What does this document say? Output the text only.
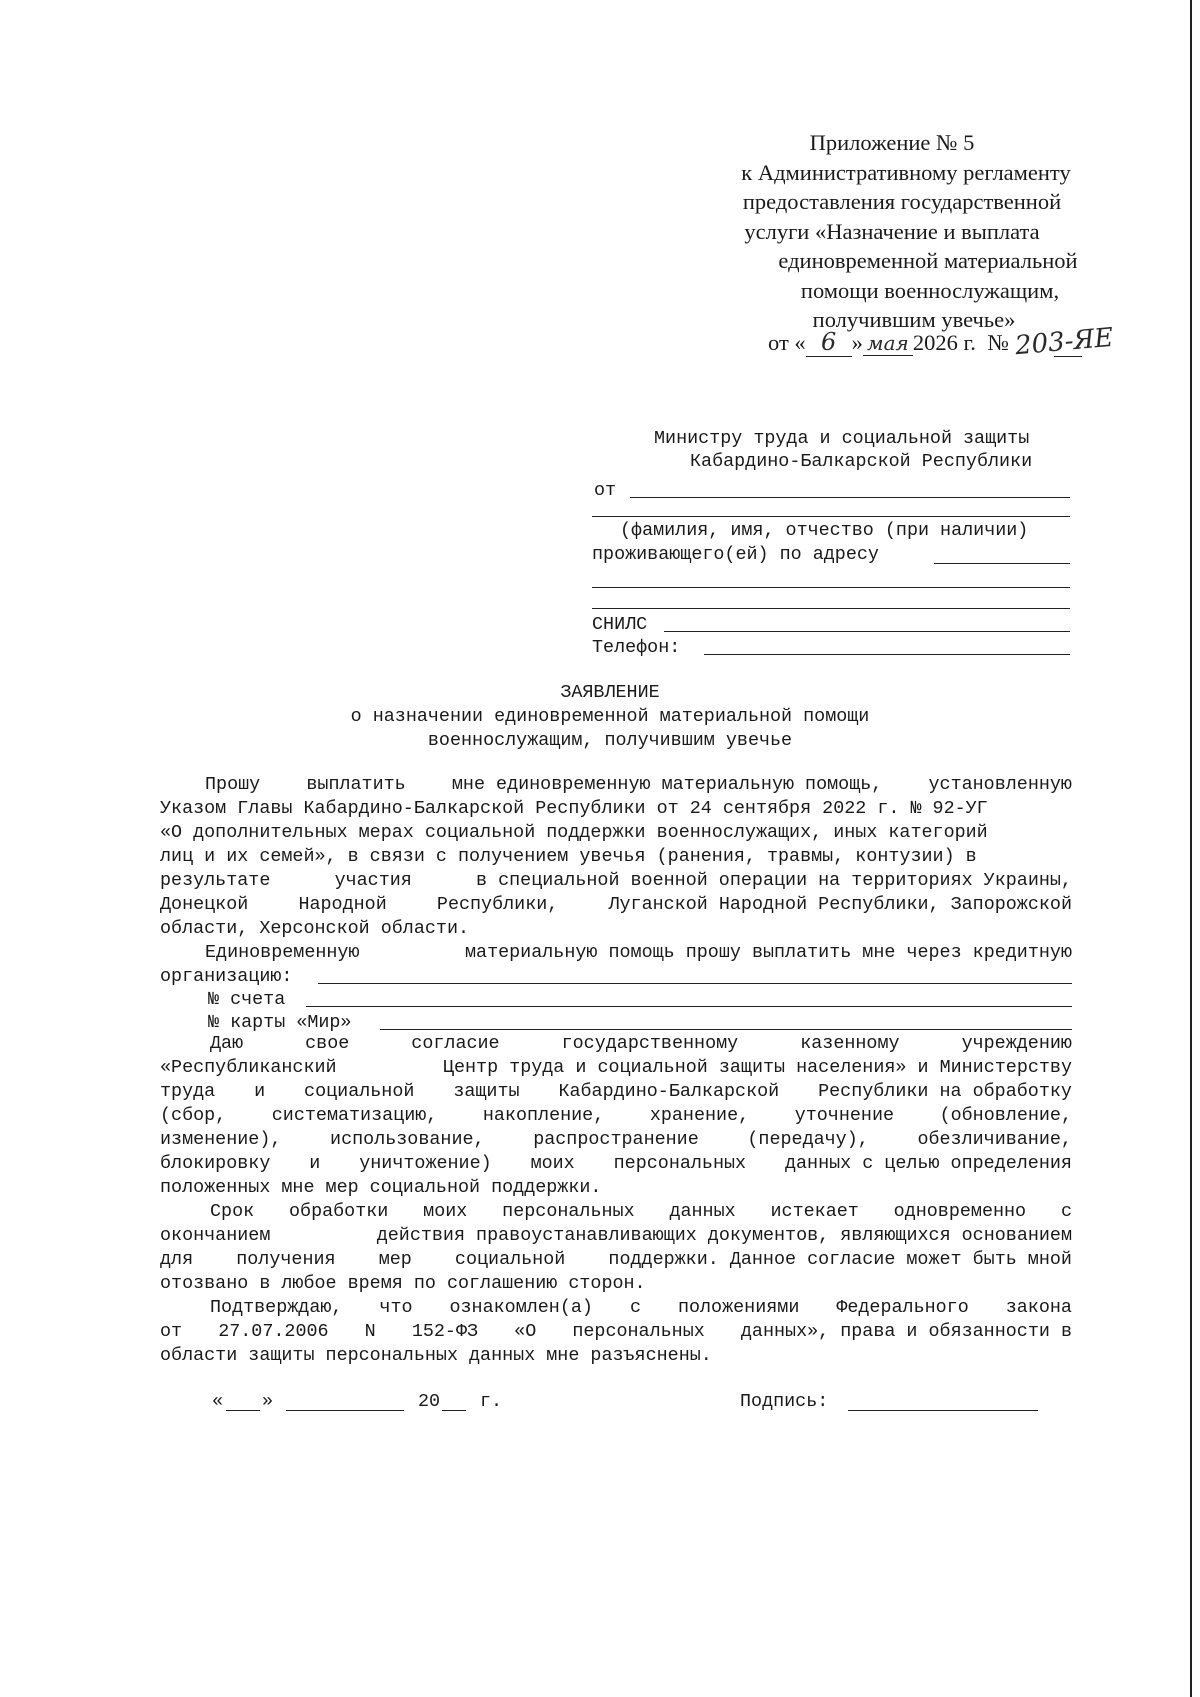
Приложение № 5
к Административному регламенту
предоставления государственной
услуги «Назначение и выплата
единовременной материальной
помощи военнослужащим,
получившим увечье»
от « 6 » мая 2026 г. № 203-ЯЕ
Министру труда и социальной защиты
Кабардино-Балкарской Республики
от
(фамилия, имя, отчество (при наличии)
проживающего(ей) по адресу
СНИЛС
Телефон:
ЗАЯВЛЕНИЕ
о назначении единовременной материальной помощи
военнослужащим, получившим увечье
Прошу	выплатить	мне единовременную материальную помощь,	установленную
Указом Главы Кабардино-Балкарской Республики от 24 сентября 2022 г. № 92-УГ
«О дополнительных мерах социальной поддержки военнослужащих, иных категорий
лиц и их семей», в связи с получением увечья (ранения, травмы, контузии) в
результате	участия	в специальной военной операции на территориях Украины,
Донецкой	Народной	Республики,	Луганской Народной Республики, Запорожской
области, Херсонской области.
Единовременную	материальную помощь прошу выплатить мне через кредитную
организацию:
№ счета
№ карты «Мир»
Даю	свое	согласие	государственному	казенному	учреждению
«Республиканский	Центр труда и социальной защиты населения» и Министерству
труда и социальной защиты Кабардино-Балкарской Республики на обработку
(сбор, систематизацию, накопление, хранение, уточнение (обновление,
изменение),	использование,	распространение	(передачу),	обезличивание,
блокировку и уничтожение) моих персональных данных с целью определения
положенных мне мер социальной поддержки.
Срок обработки моих персональных данных истекает одновременно с
окончанием	действия правоустанавливающих документов, являющихся основанием
для получения мер социальной поддержки. Данное согласие может быть мной
отозвано в любое время по соглашению сторон.
Подтверждаю, что ознакомлен(а) с положениями Федерального закона
от 27.07.2006 N 152-ФЗ «О персональных данных», права и обязанности в
области защиты персональных данных мне разъяснены.
« »	20 г.	Подпись:
